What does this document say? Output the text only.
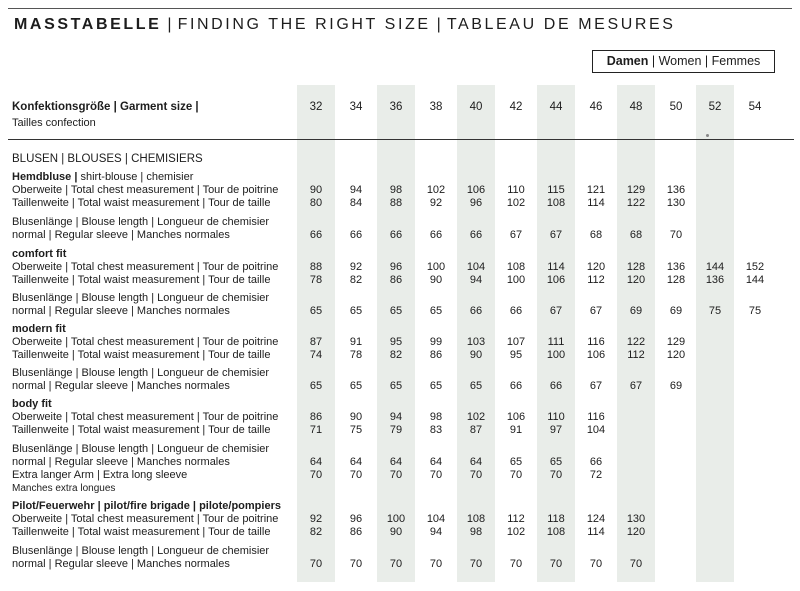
MASSTABELLE | FINDING THE RIGHT SIZE | TABLEAU DE MESURES
Damen | Women | Femmes
Konfektionsgröße | Garment size |
Tailles confection
32	34	36	38	40	42	44	46	48	50	52	54
BLUSEN | BLOUSES | CHEMISIERS
Hemdbluse | shirt-blouse | chemisier
Oberweite | Total chest measurement | Tour de poitrine	90	94	98	102	106	110	115	121	129	136
Taillenweite | Total waist measurement | Tour de taille	80	84	88	92	96	102	108	114	122	130
Blusenlänge | Blouse length | Longueur de chemisier
normal | Regular sleeve | Manches normales	66	66	66	66	66	67	67	68	68	70
comfort fit
Oberweite | Total chest measurement | Tour de poitrine	88	92	96	100	104	108	114	120	128	136	144	152
Taillenweite | Total waist measurement | Tour de taille	78	82	86	90	94	100	106	112	120	128	136	144
Blusenlänge | Blouse length | Longueur de chemisier
normal | Regular sleeve | Manches normales	65	65	65	65	66	66	67	67	69	69	75	75
modern fit
Oberweite | Total chest measurement | Tour de poitrine	87	91	95	99	103	107	111	116	122	129
Taillenweite | Total waist measurement | Tour de taille	74	78	82	86	90	95	100	106	112	120
Blusenlänge | Blouse length | Longueur de chemisier
normal | Regular sleeve | Manches normales	65	65	65	65	65	66	66	67	67	69
body fit
Oberweite | Total chest measurement | Tour de poitrine	86	90	94	98	102	106	110	116
Taillenweite | Total waist measurement | Tour de taille	71	75	79	83	87	91	97	104
Blusenlänge | Blouse length | Longueur de chemisier
normal | Regular sleeve | Manches normales	64	64	64	64	64	65	65	66
Extra langer Arm | Extra long sleeve	70	70	70	70	70	70	70	72
Manches extra longues
Pilot/Feuerwehr | pilot/fire brigade | pilote/pompiers
Oberweite | Total chest measurement | Tour de poitrine	92	96	100	104	108	112	118	124	130
Taillenweite | Total waist measurement | Tour de taille	82	86	90	94	98	102	108	114	120
Blusenlänge | Blouse length | Longueur de chemisier
normal | Regular sleeve | Manches normales	70	70	70	70	70	70	70	70	70
